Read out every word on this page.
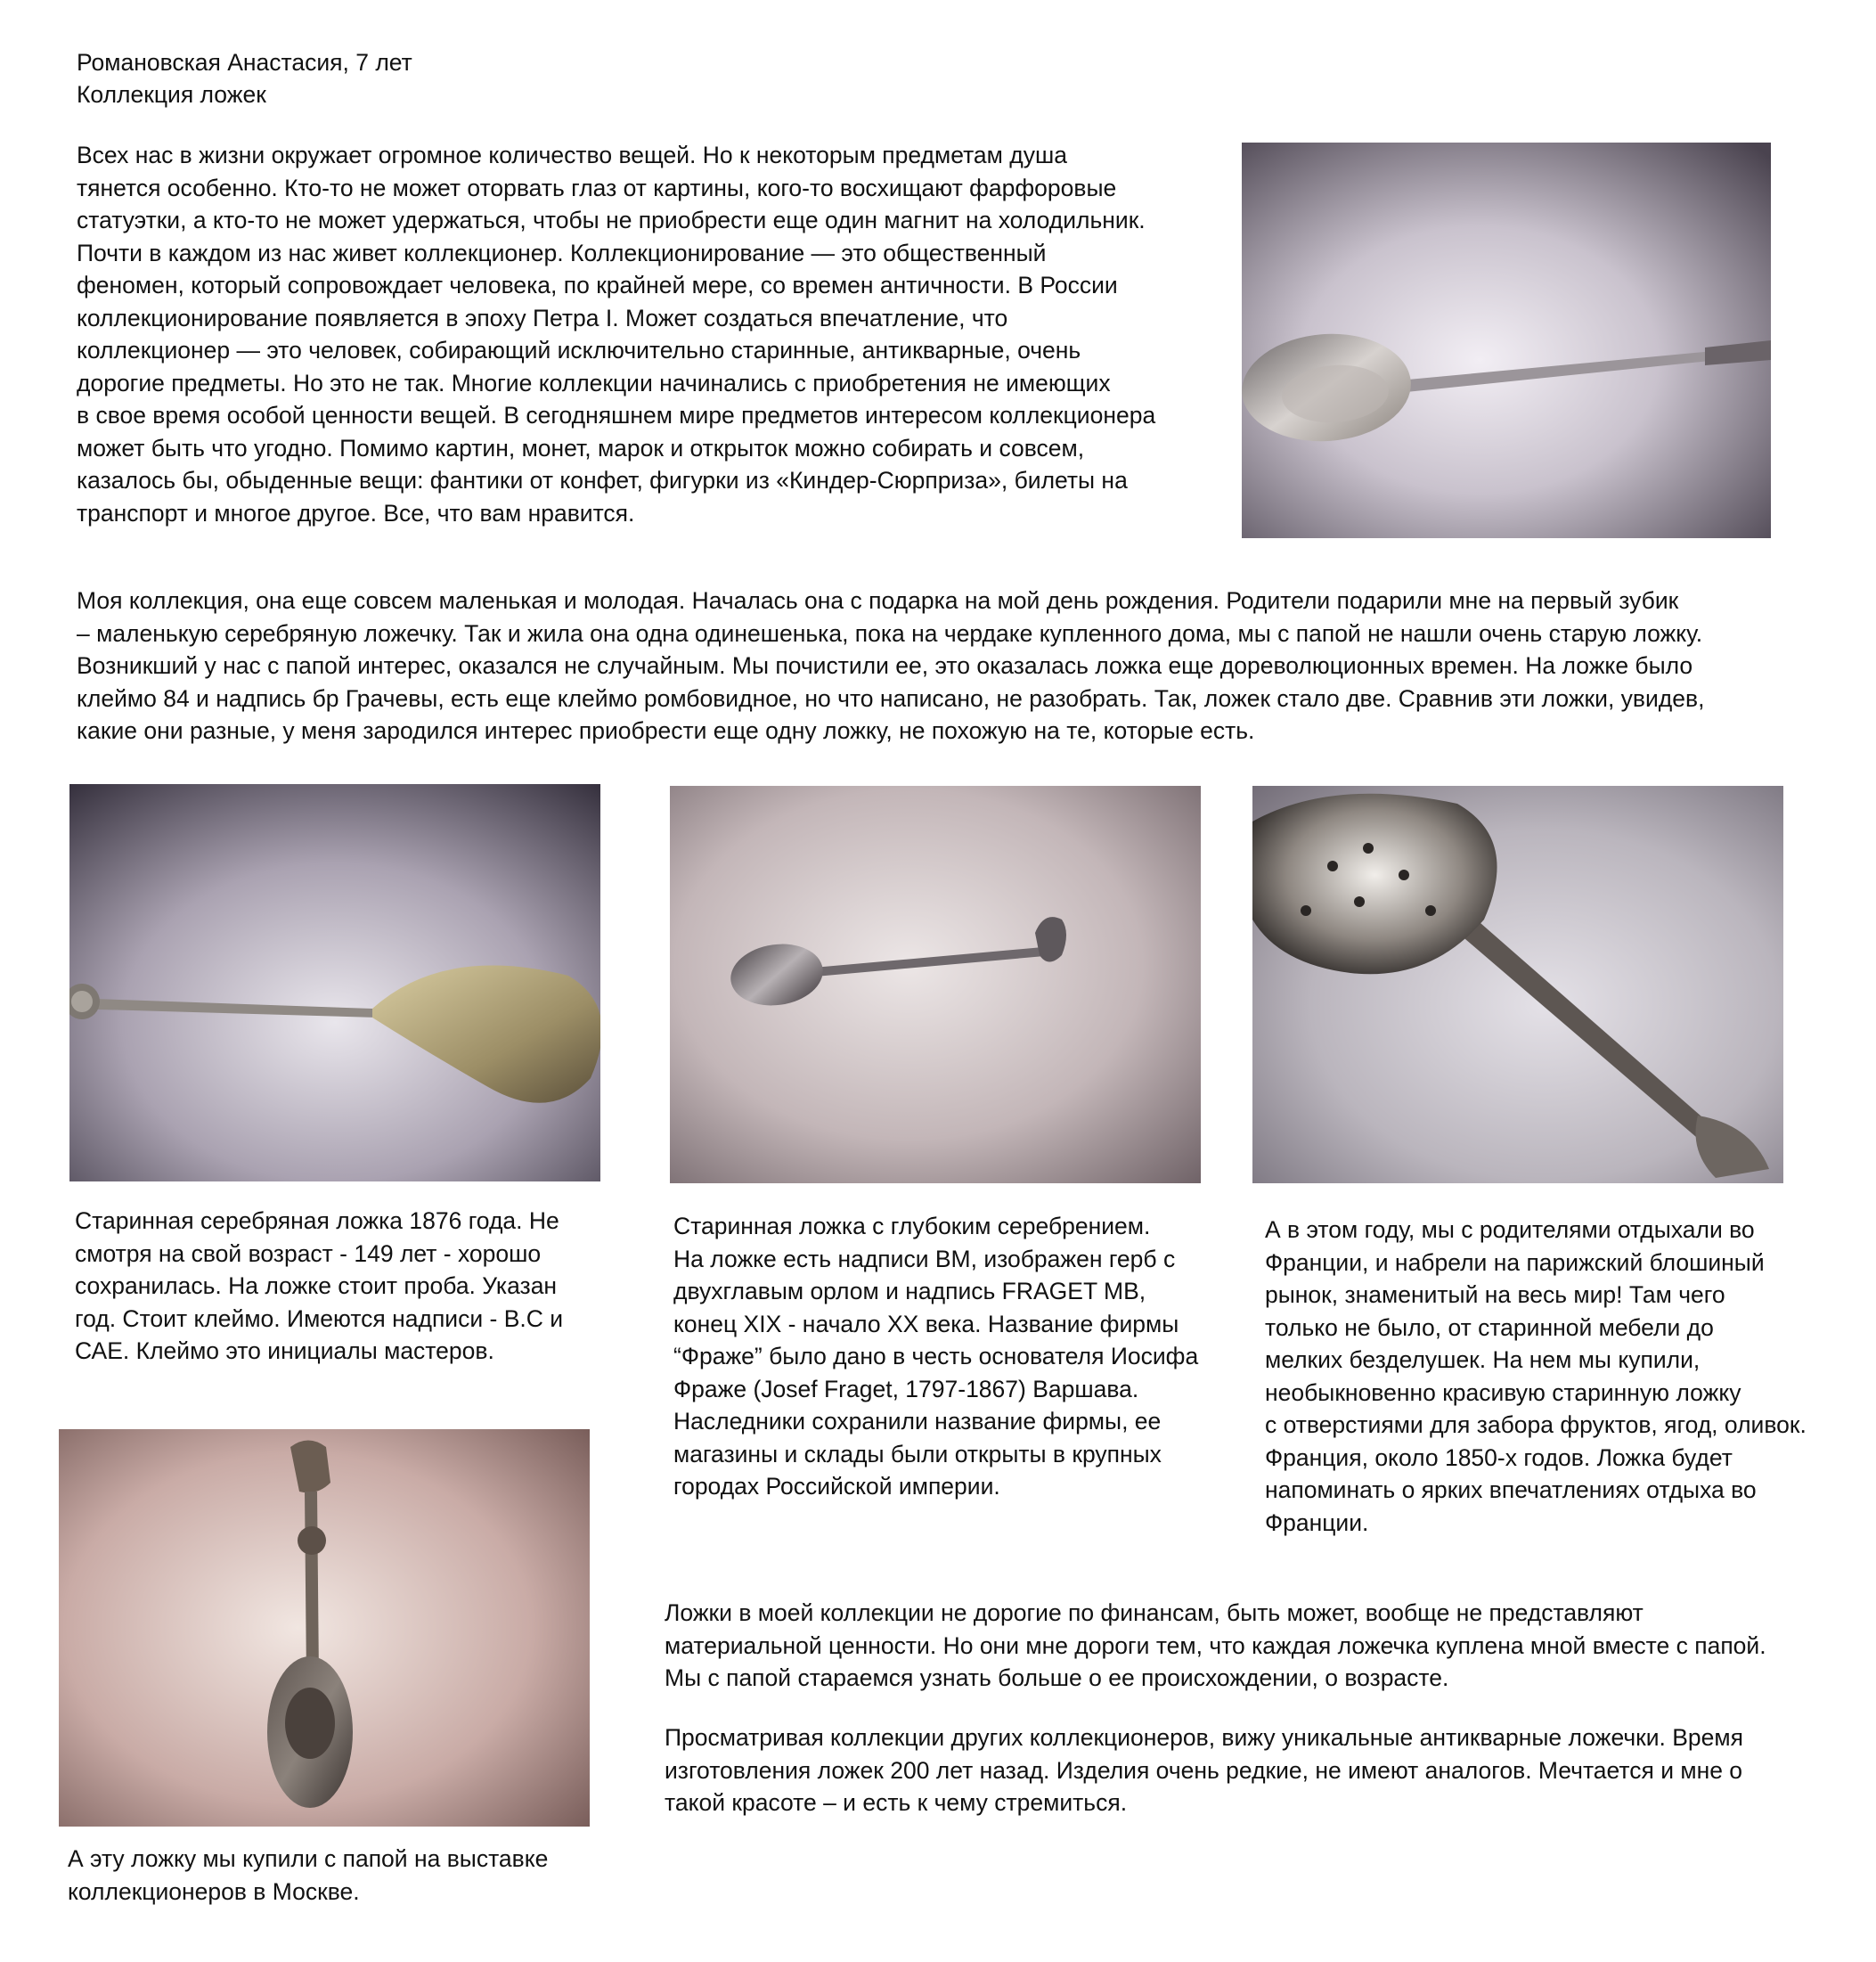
Романовская Анастасия, 7 лет
Коллекция ложек

Всех нас в жизни окружает огромное количество вещей. Но к некоторым предметам душа
тянется особенно. Кто-то не может оторвать глаз от картины, кого-то восхищают фарфоровые
статуэтки, а кто-то не может удержаться, чтобы не приобрести еще один магнит на холодильник.
Почти в каждом из нас живет коллекционер. Коллекционирование — это общественный
феномен, который сопровождает человека, по крайней мере, со времен античности. В России
коллекционирование появляется в эпоху Петра I. Может создаться впечатление, что
коллекционер — это человек, собирающий исключительно старинные, антикварные, очень
дорогие предметы. Но это не так. Многие коллекции начинались с приобретения не имеющих
в свое время особой ценности вещей. В сегодняшнем мире предметов интересом коллекционера
может быть что угодно. Помимо картин, монет, марок и открыток можно собирать и совсем,
казалось бы, обыденные вещи: фантики от конфет, фигурки из «Киндер-Сюрприза», билеты на
транспорт и многое другое. Все, что вам нравится.

Моя коллекция, она еще совсем маленькая и молодая. Началась она с подарка на мой день рождения. Родители подарили мне на первый зубик
– маленькую серебряную ложечку. Так и жила она одна одинешенька, пока на чердаке купленного дома, мы с папой не нашли очень старую ложку.
Возникший у нас с папой интерес, оказался не случайным. Мы почистили ее, это оказалась ложка еще дореволюционных времен. На ложке было
клеймо 84 и надпись бр Грачевы, есть еще клеймо ромбовидное, но что написано, не разобрать. Так, ложек стало две. Сравнив эти ложки, увидев,
какие они разные, у меня зародился интерес приобрести еще одну ложку, не похожую на те, которые есть.

Старинная серебряная ложка 1876 года. Не
смотря на свой возраст - 149 лет - хорошо
сохранилась. На ложке стоит проба. Указан
год. Стоит клеймо. Имеются надписи - В.С и
САЕ. Клеймо это инициалы мастеров.

Старинная ложка с глубоким серебрением.
На ложке есть надписи ВМ, изображен герб с
двухглавым орлом и надпись FRAGET MB,
конец XIX - начало XX века. Название фирмы
“Фраже” было дано в честь основателя Иосифа
Фраже (Josef Fraget, 1797-1867) Варшава.
Наследники сохранили название фирмы, ее
магазины и склады были открыты в крупных
городах Российской империи.

А в этом году, мы с родителями отдыхали во
Франции, и набрели на парижский блошиный
рынок, знаменитый на весь мир! Там чего
только не было, от старинной мебели до
мелких безделушек. На нем мы купили,
необыкновенно красивую старинную ложку
с отверстиями для забора фруктов, ягод, оливок.
Франция, около 1850-х годов. Ложка будет
напоминать о ярких впечатлениях отдыха во
Франции.

А эту ложку мы купили с папой на выставке
коллекционеров в Москве.

Ложки в моей коллекции не дорогие по финансам, быть может, вообще не представляют
материальной ценности. Но они мне дороги тем, что каждая ложечка куплена мной вместе с папой.
Мы с папой стараемся узнать больше о ее происхождении, о возрасте.

Просматривая коллекции других коллекционеров, вижу уникальные антикварные ложечки. Время
изготовления ложек 200 лет назад. Изделия очень редкие, не имеют аналогов. Мечтается и мне о
такой красоте – и есть к чему стремиться.
